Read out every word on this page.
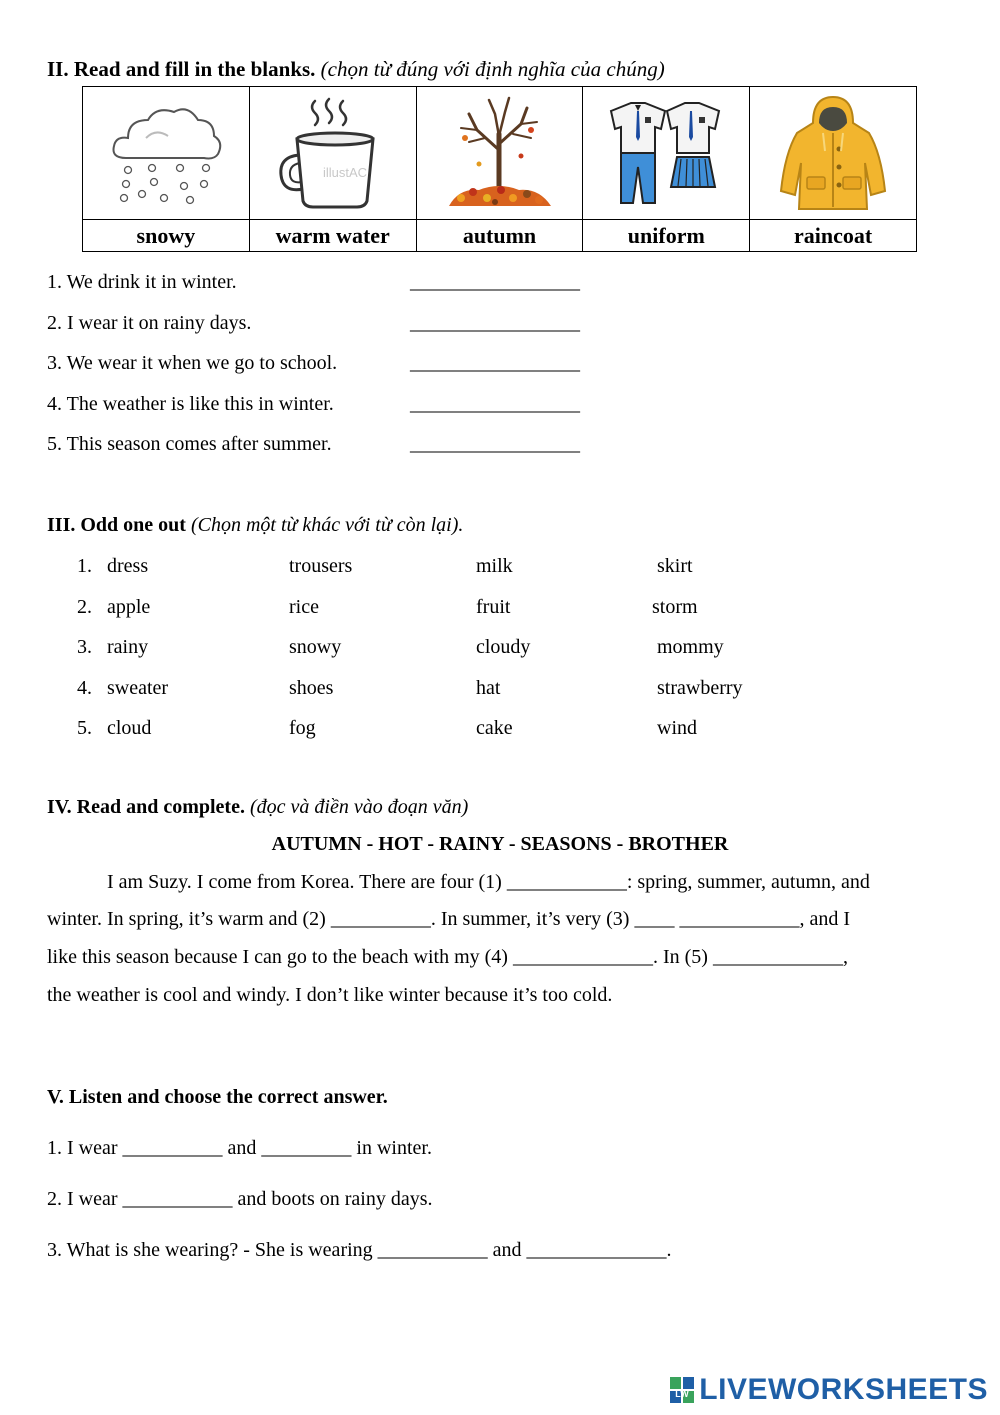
II. Read and fill in the blanks. (chọn từ đúng với định nghĩa của chúng)

illustAC

snowy	warm water	autumn	uniform	raincoat
1. We drink it in winter.	_________________
2. I wear it on rainy days.	_________________
3. We wear it when we go to school.	_________________
4. The weather is like this in winter.	_________________
5. This season comes after summer.	_________________
III. Odd one out (Chọn một từ khác với từ còn lại).
1. dress	trousers	milk	skirt
2. apple	rice	fruit	storm
3. rainy	snowy	cloudy	mommy
4. sweater	shoes	hat	strawberry
5. cloud	fog	cake	wind
IV. Read and complete. (đọc và điền vào đoạn văn)
AUTUMN - HOT - RAINY - SEASONS - BROTHER
I am Suzy. I come from Korea. There are four (1) ____________: spring, summer, autumn, and
winter. In spring, it’s warm and (2) __________. In summer, it’s very (3) ____ ____________, and I
like this season because I can go to the beach with my (4) ______________. In (5) _____________,
the weather is cool and windy. I don’t like winter because it’s too cold.
V. Listen and choose the correct answer.
1. I wear __________ and _________ in winter.
2. I wear ___________ and boots on rainy days.
3. What is she wearing? - She is wearing ___________ and ______________.
LW LIVEWORKSHEETS
